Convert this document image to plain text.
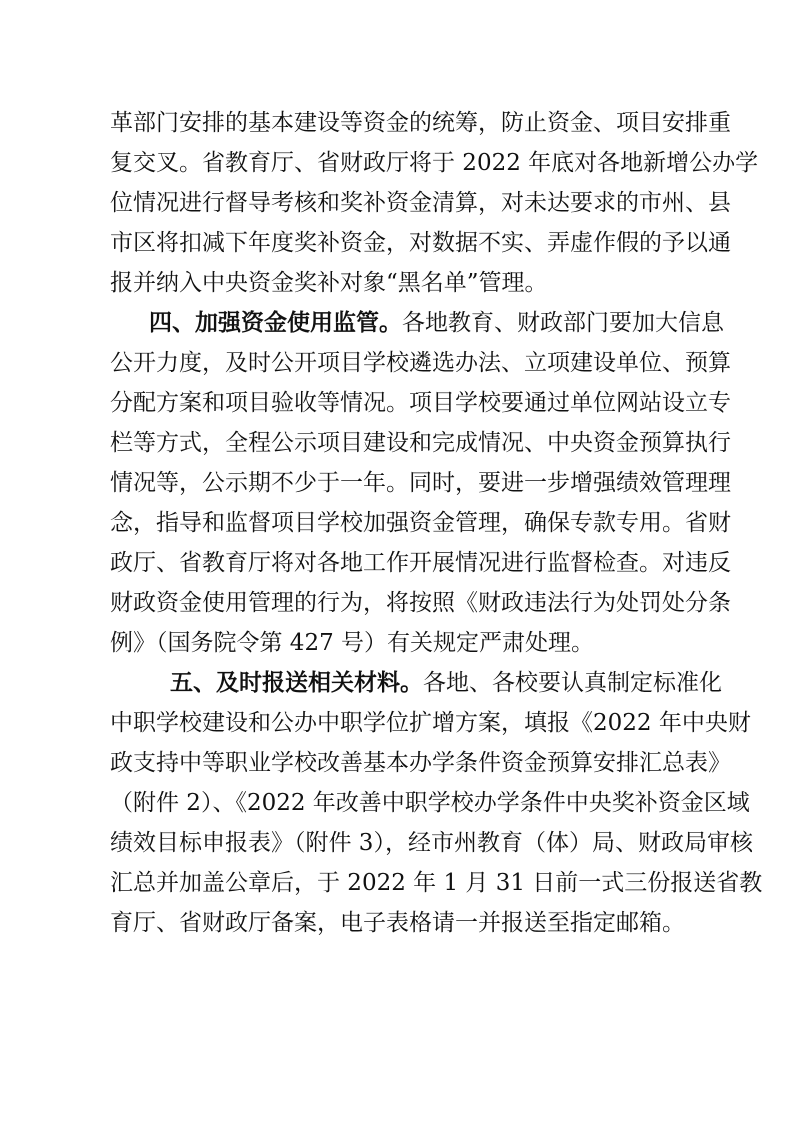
革部门安排的基本建设等资金的统筹，防止资金、项目安排重
复交叉。省教育厅、省财政厅将于 2022 年底对各地新增公办学
位情况进行督导考核和奖补资金清算，对未达要求的市州、县
市区将扣减下年度奖补资金，对数据不实、弄虚作假的予以通
报并纳入中央资金奖补对象“黑名单”管理。
四、加强资金使用监管。各地教育、财政部门要加大信息
公开力度，及时公开项目学校遴选办法、立项建设单位、预算
分配方案和项目验收等情况。项目学校要通过单位网站设立专
栏等方式，全程公示项目建设和完成情况、中央资金预算执行
情况等，公示期不少于一年。同时，要进一步增强绩效管理理
念，指导和监督项目学校加强资金管理，确保专款专用。省财
政厅、省教育厅将对各地工作开展情况进行监督检查。对违反
财政资金使用管理的行为，将按照《财政违法行为处罚处分条
例》（国务院令第 427 号）有关规定严肃处理。
五、及时报送相关材料。各地、各校要认真制定标准化
中职学校建设和公办中职学位扩增方案，填报《2022 年中央财
政支持中等职业学校改善基本办学条件资金预算安排汇总表》
（附件 2）、《2022 年改善中职学校办学条件中央奖补资金区域
绩效目标申报表》（附件 3），经市州教育（体）局、财政局审核
汇总并加盖公章后，于 2022 年 1 月 31 日前一式三份报送省教
育厅、省财政厅备案，电子表格请一并报送至指定邮箱。
